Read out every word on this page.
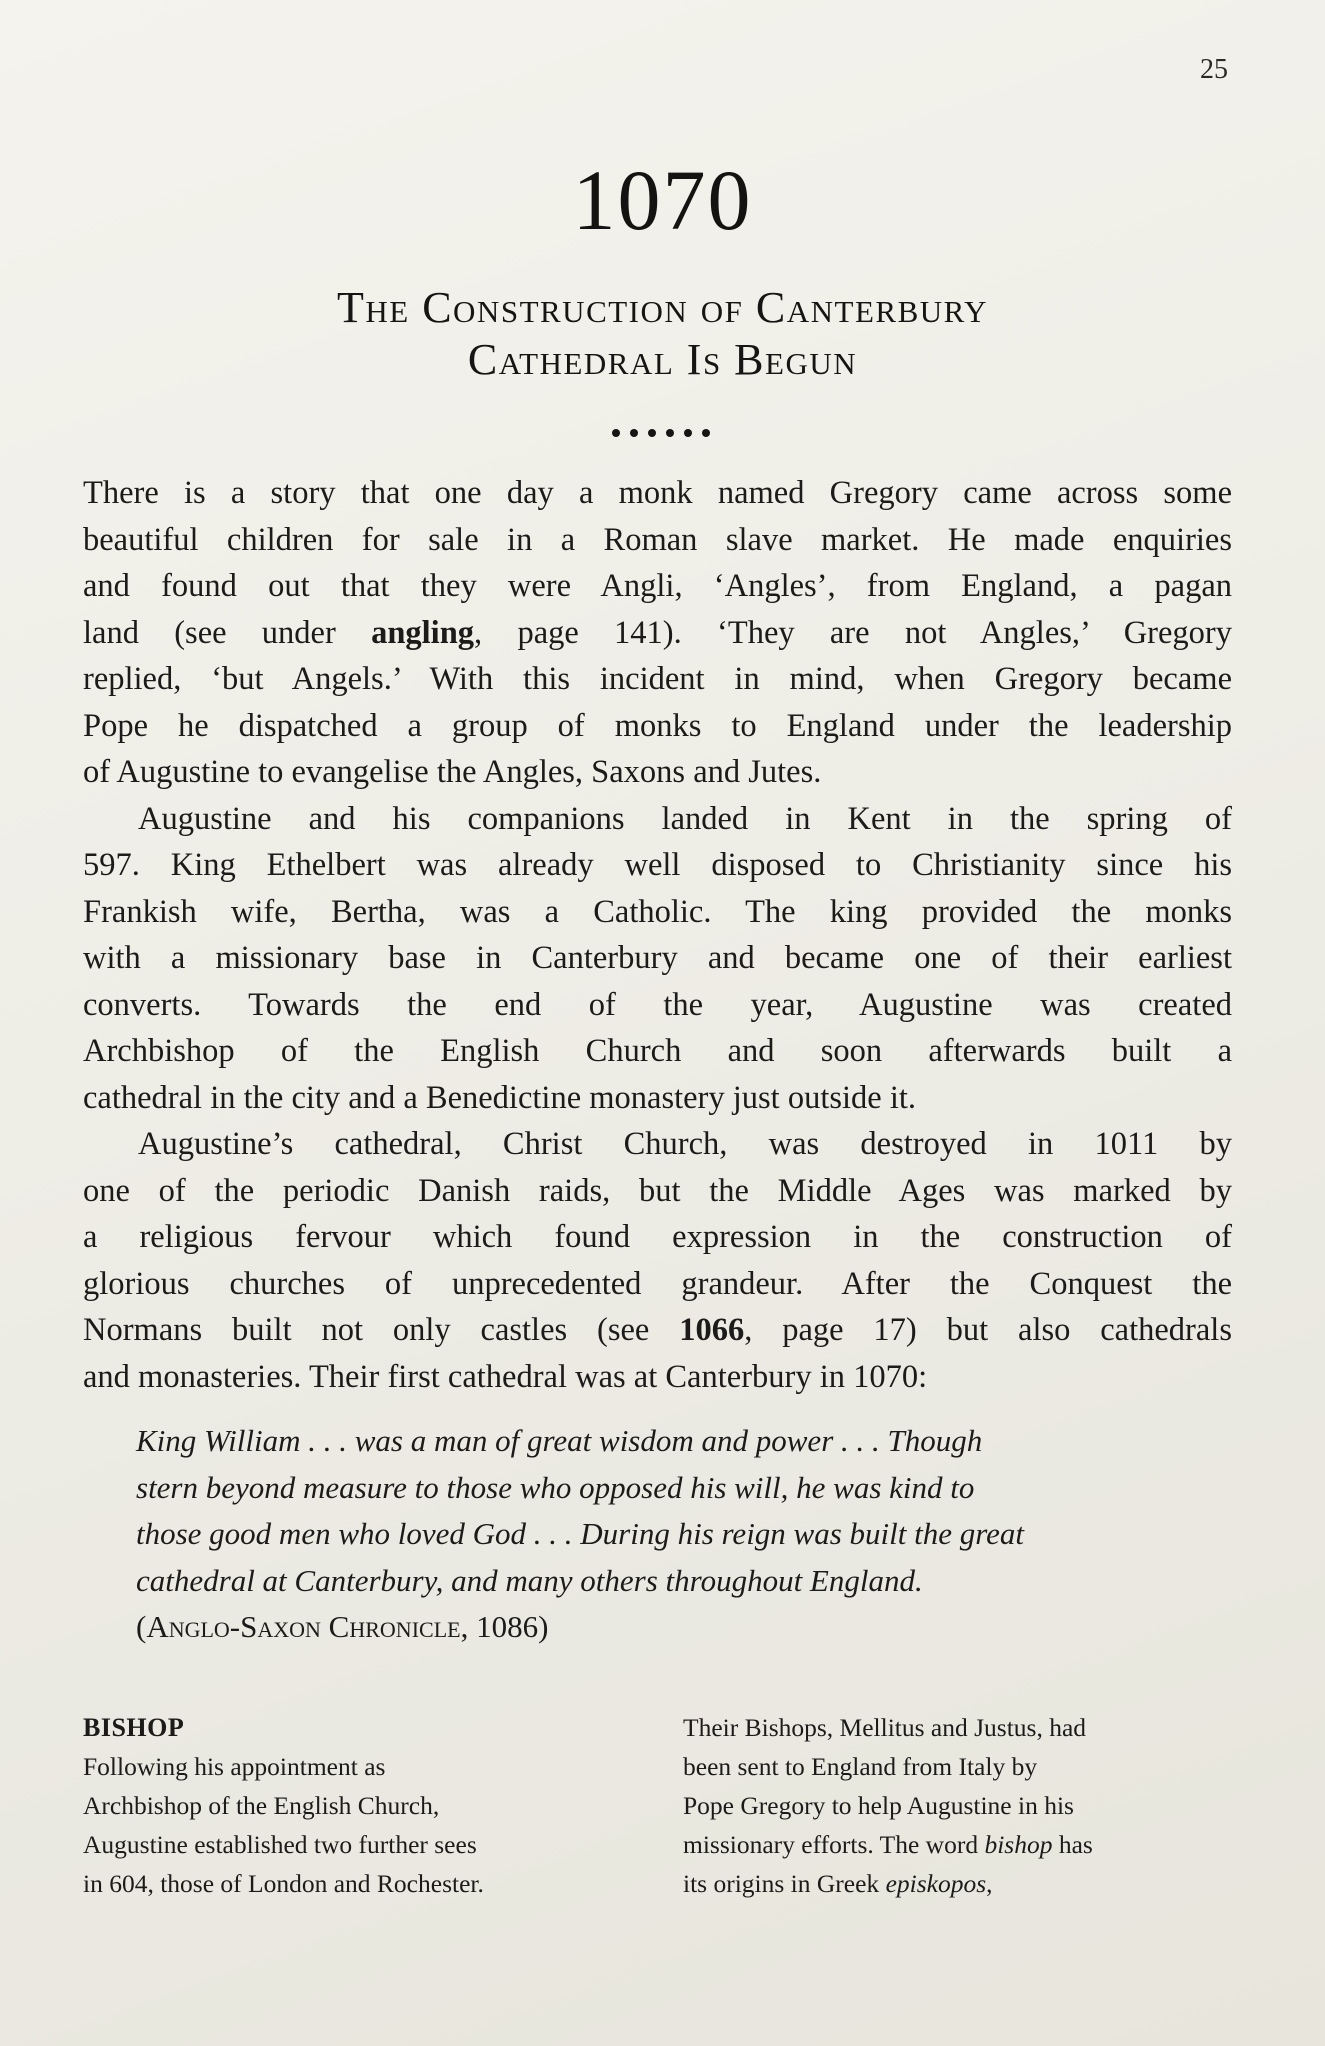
25
1070
The Construction of Canterbury
Cathedral Is Begun
There is a story that one day a monk named Gregory came across some
beautiful children for sale in a Roman slave market. He made enquiries
and found out that they were Angli, ‘Angles’, from England, a pagan
land (see under angling, page 141). ‘They are not Angles,’ Gregory
replied, ‘but Angels.’ With this incident in mind, when Gregory became
Pope he dispatched a group of monks to England under the leadership
of Augustine to evangelise the Angles, Saxons and Jutes.
Augustine and his companions landed in Kent in the spring of
597. King Ethelbert was already well disposed to Christianity since his
Frankish wife, Bertha, was a Catholic. The king provided the monks
with a missionary base in Canterbury and became one of their earliest
converts. Towards the end of the year, Augustine was created
Archbishop of the English Church and soon afterwards built a
cathedral in the city and a Benedictine monastery just outside it.
Augustine’s cathedral, Christ Church, was destroyed in 1011 by
one of the periodic Danish raids, but the Middle Ages was marked by
a religious fervour which found expression in the construction of
glorious churches of unprecedented grandeur. After the Conquest the
Normans built not only castles (see 1066, page 17) but also cathedrals
and monasteries. Their first cathedral was at Canterbury in 1070:
King William . . . was a man of great wisdom and power . . . Though
stern beyond measure to those who opposed his will, he was kind to
those good men who loved God . . . During his reign was built the great
cathedral at Canterbury, and many others throughout England.
(Anglo-Saxon Chronicle, 1086)
BISHOP
Following his appointment as
Archbishop of the English Church,
Augustine established two further sees
in 604, those of London and Rochester.
Their Bishops, Mellitus and Justus, had
been sent to England from Italy by
Pope Gregory to help Augustine in his
missionary efforts. The word bishop has
its origins in Greek episkopos,
